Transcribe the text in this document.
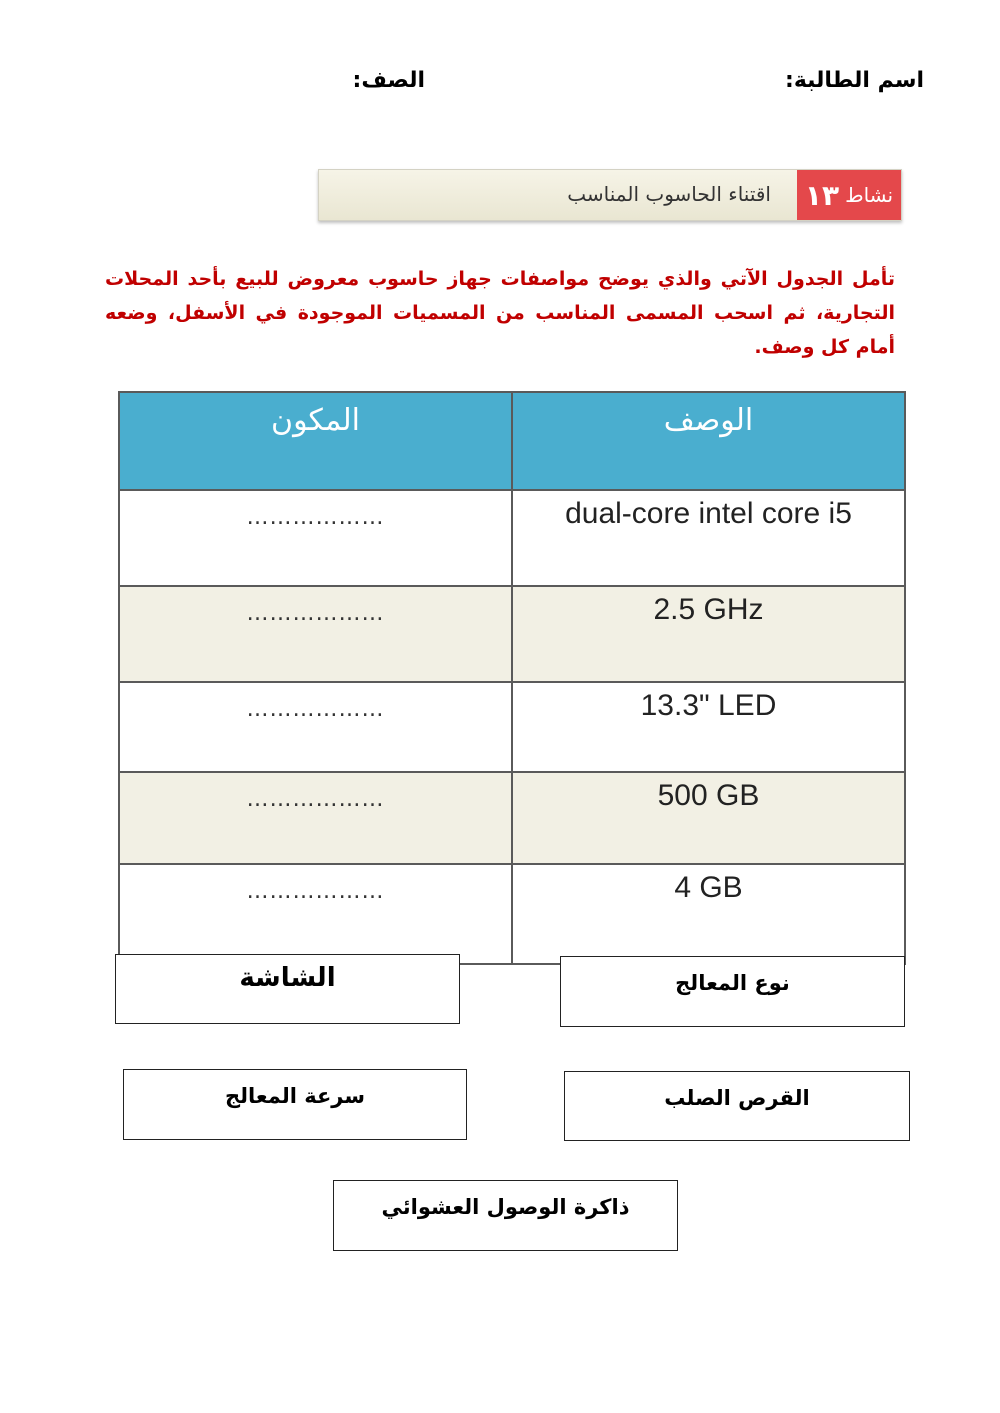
اسم الطالبة:
الصف:
نشاط
١٣
اقتناء الحاسوب المناسب
تأمل الجدول الآتي والذي يوضح مواصفات جهاز حاسوب معروض للبيع بأحد المحلات التجارية، ثم اسحب المسمى المناسب من المسميات الموجودة في الأسفل، وضعه أمام كل وصف.
الوصف	المكون
dual-core intel core i5	………………
2.5 GHz	………………
13.3" LED	………………
500 GB	………………
4 GB	………………
نوع المعالج
الشاشة
القرص الصلب
سرعة المعالج
ذاكرة الوصول العشوائي
